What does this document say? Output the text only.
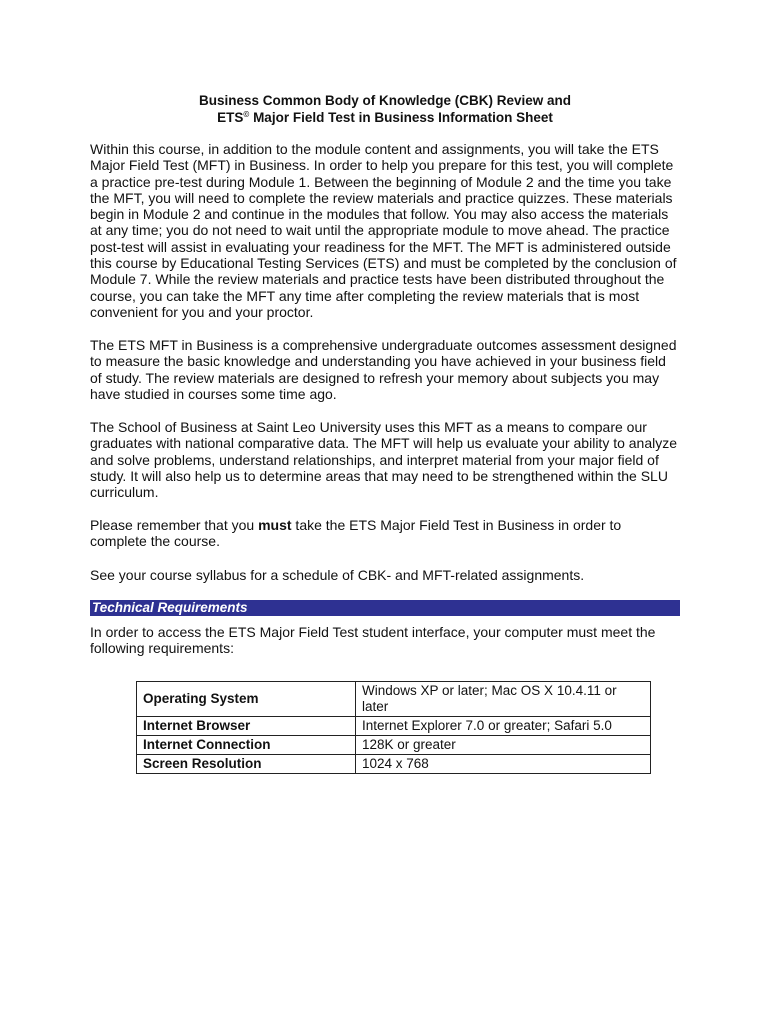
Business Common Body of Knowledge (CBK) Review and
ETS© Major Field Test in Business Information Sheet

Within this course, in addition to the module content and assignments, you will take the ETS Major Field Test (MFT) in Business. In order to help you prepare for this test, you will complete a practice pre-test during Module 1. Between the beginning of Module 2 and the time you take the MFT, you will need to complete the review materials and practice quizzes. These materials begin in Module 2 and continue in the modules that follow. You may also access the materials at any time; you do not need to wait until the appropriate module to move ahead. The practice post-test will assist in evaluating your readiness for the MFT. The MFT is administered outside this course by Educational Testing Services (ETS) and must be completed by the conclusion of Module 7. While the review materials and practice tests have been distributed throughout the course, you can take the MFT any time after completing the review materials that is most convenient for you and your proctor.

The ETS MFT in Business is a comprehensive undergraduate outcomes assessment designed to measure the basic knowledge and understanding you have achieved in your business field of study. The review materials are designed to refresh your memory about subjects you may have studied in courses some time ago.

The School of Business at Saint Leo University uses this MFT as a means to compare our graduates with national comparative data. The MFT will help us evaluate your ability to analyze and solve problems, understand relationships, and interpret material from your major field of study. It will also help us to determine areas that may need to be strengthened within the SLU curriculum.

Please remember that you must take the ETS Major Field Test in Business in order to complete the course.

See your course syllabus for a schedule of CBK- and MFT-related assignments.

Technical Requirements

In order to access the ETS Major Field Test student interface, your computer must meet the following requirements:

Operating System	Windows XP or later; Mac OS X 10.4.11 or later
Internet Browser	Internet Explorer 7.0 or greater; Safari 5.0
Internet Connection	128K or greater
Screen Resolution	1024 x 768
